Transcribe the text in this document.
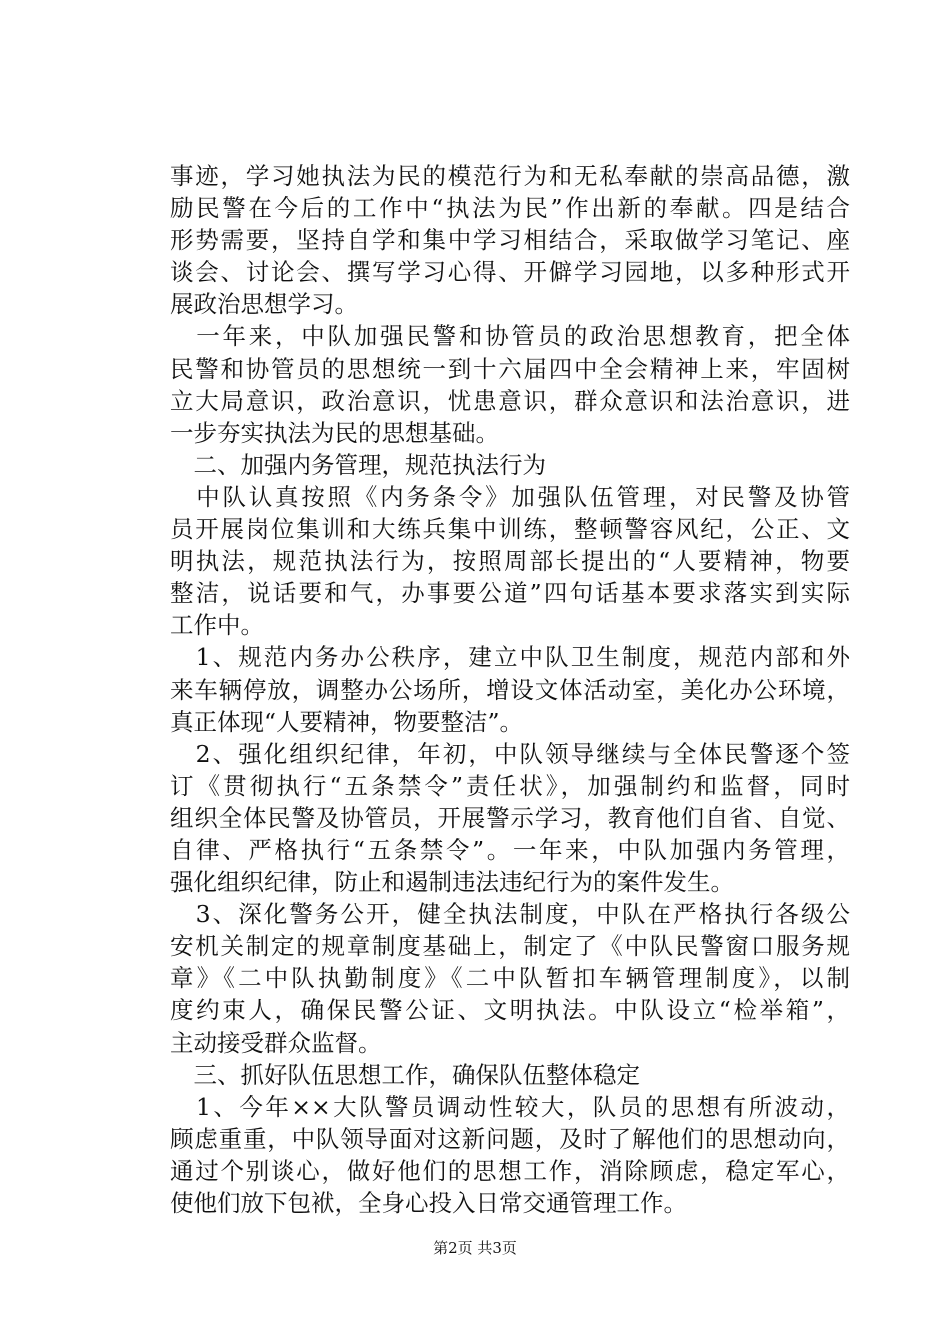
事迹，学习她执法为民的模范行为和无私奉献的崇高品德，激
励民警在今后的工作中“执法为民”作出新的奉献。四是结合
形势需要，坚持自学和集中学习相结合，采取做学习笔记、座
谈会、讨论会、撰写学习心得、开僻学习园地，以多种形式开
展政治思想学习。
　一年来，中队加强民警和协管员的政治思想教育，把全体
民警和协管员的思想统一到十六届四中全会精神上来，牢固树
立大局意识，政治意识，忧患意识，群众意识和法治意识，进
一步夯实执法为民的思想基础。
　二、加强内务管理，规范执法行为
　中队认真按照《内务条令》加强队伍管理，对民警及协管
员开展岗位集训和大练兵集中训练，整顿警容风纪，公正、文
明执法，规范执法行为，按照周部长提出的“人要精神，物要
整洁，说话要和气，办事要公道”四句话基本要求落实到实际
工作中。
　1、规范内务办公秩序，建立中队卫生制度，规范内部和外
来车辆停放，调整办公场所，增设文体活动室，美化办公环境，
真正体现“人要精神，物要整洁”。
　2、强化组织纪律，年初，中队领导继续与全体民警逐个签
订《贯彻执行“五条禁令”责任状》，加强制约和监督，同时
组织全体民警及协管员，开展警示学习，教育他们自省、自觉、
自律、严格执行“五条禁令”。一年来，中队加强内务管理，
强化组织纪律，防止和遏制违法违纪行为的案件发生。
　3、深化警务公开，健全执法制度，中队在严格执行各级公
安机关制定的规章制度基础上，制定了《中队民警窗口服务规
章》《二中队执勤制度》《二中队暂扣车辆管理制度》，以制
度约束人，确保民警公证、文明执法。中队设立“检举箱”，
主动接受群众监督。
　三、抓好队伍思想工作，确保队伍整体稳定
　1、今年××大队警员调动性较大，队员的思想有所波动，
顾虑重重，中队领导面对这新问题，及时了解他们的思想动向，
通过个别谈心，做好他们的思想工作，消除顾虑，稳定军心，
使他们放下包袱，全身心投入日常交通管理工作。
第2页 共3页
